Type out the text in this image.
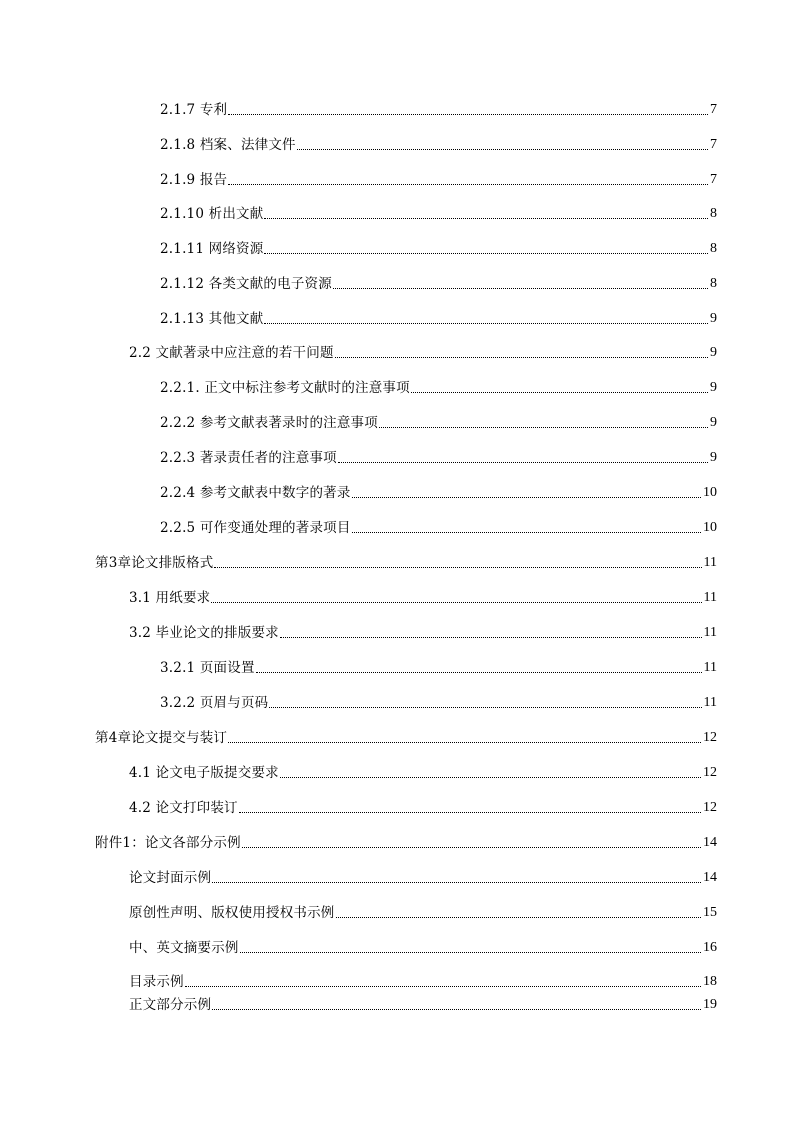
2.1.7 专利	7
2.1.8 档案、法律文件	7
2.1.9 报告	7
2.1.10 析出文献	8
2.1.11 网络资源	8
2.1.12 各类文献的电子资源	8
2.1.13 其他文献	9
2.2 文献著录中应注意的若干问题	9
2.2.1. 正文中标注参考文献时的注意事项	9
2.2.2 参考文献表著录时的注意事项	9
2.2.3 著录责任者的注意事项	9
2.2.4 参考文献表中数字的著录	10
2.2.5 可作变通处理的著录项目	10
第3章论文排版格式	11
3.1 用纸要求	11
3.2 毕业论文的排版要求	11
3.2.1 页面设置	11
3.2.2 页眉与页码	11
第4章论文提交与装订	12
4.1 论文电子版提交要求	12
4.2 论文打印装订	12
附件1：论文各部分示例	14
论文封面示例	14
原创性声明、版权使用授权书示例	15
中、英文摘要示例	16
目录示例	18
正文部分示例	19
